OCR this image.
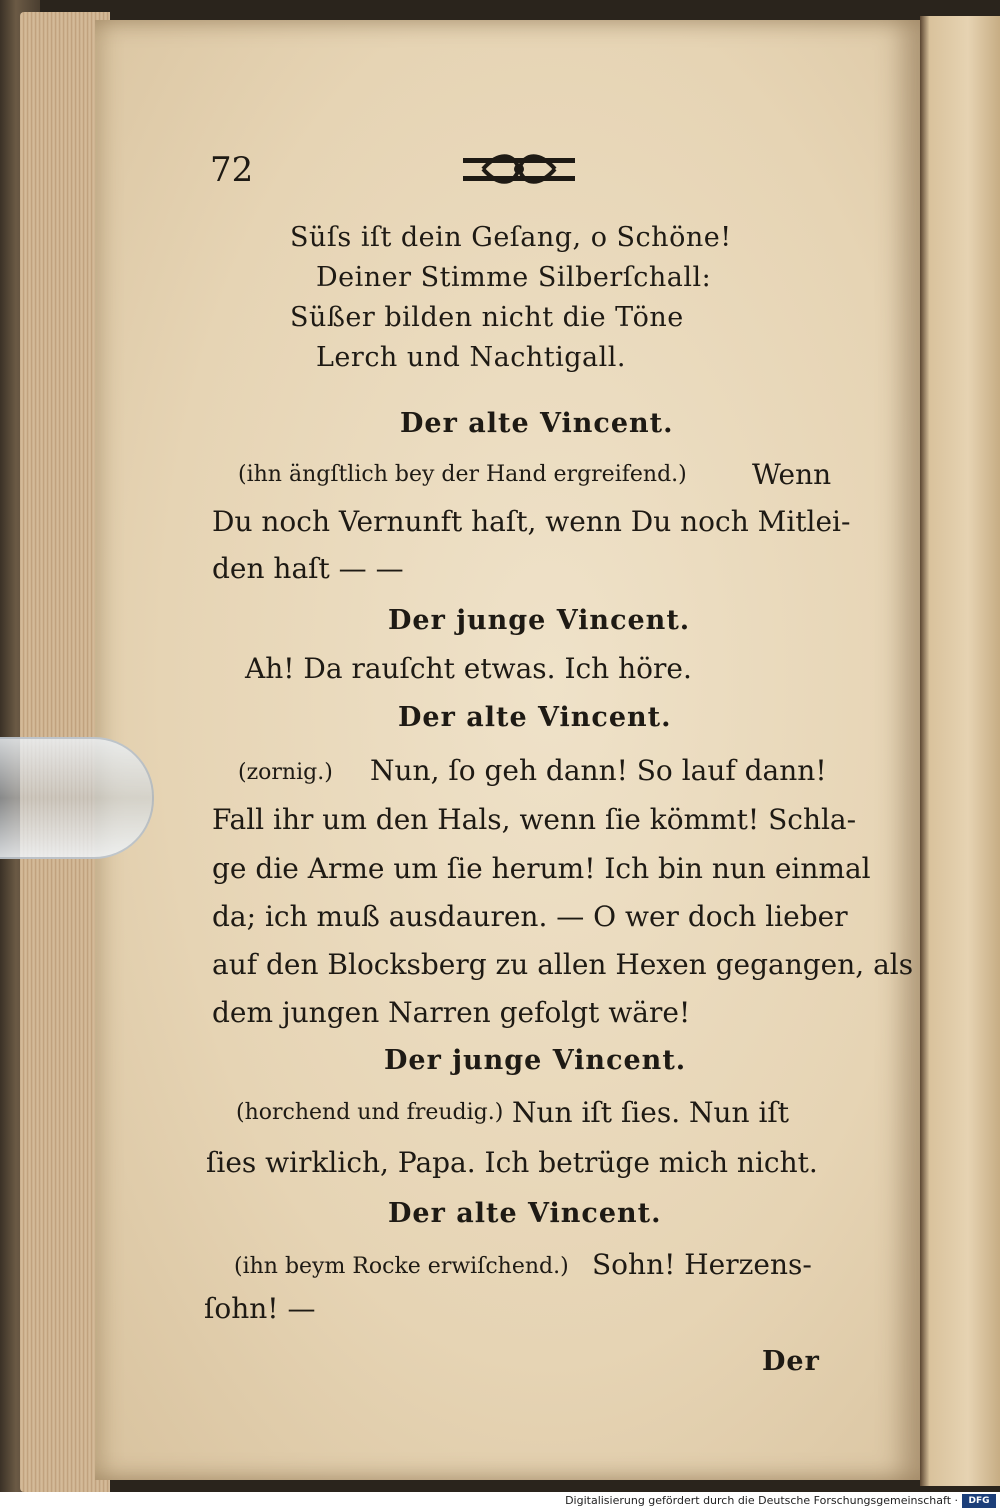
72
Süſs iſt dein Geſang, o Schöne!
Deiner Stimme Silberſchall:
Süßer bilden nicht die Töne
Lerch und Nachtigall.
Der alte Vincent.
(ihn ängſtlich bey der Hand ergreifend.) Wenn
Du noch Vernunft haſt, wenn Du noch Mitlei-
den haſt — —
Der junge Vincent.
Ah! Da rauſcht etwas. Ich höre.
Der alte Vincent.
(zornig.) Nun, ſo geh dann! So lauf dann!
Fall ihr um den Hals, wenn ſie kömmt! Schla-
ge die Arme um ſie herum! Ich bin nun einmal
da; ich muß ausdauren. — O wer doch lieber
auf den Blocksberg zu allen Hexen gegangen, als
dem jungen Narren gefolgt wäre!
Der junge Vincent.
(horchend und freudig.) Nun iſt ſies. Nun iſt
ſies wirklich, Papa. Ich betrüge mich nicht.
Der alte Vincent.
(ihn beym Rocke erwiſchend.) Sohn! Herzens-
ſohn! —
Der
Digitalisierung gefördert durch die Deutsche Forschungsgemeinschaft ·	DFG
